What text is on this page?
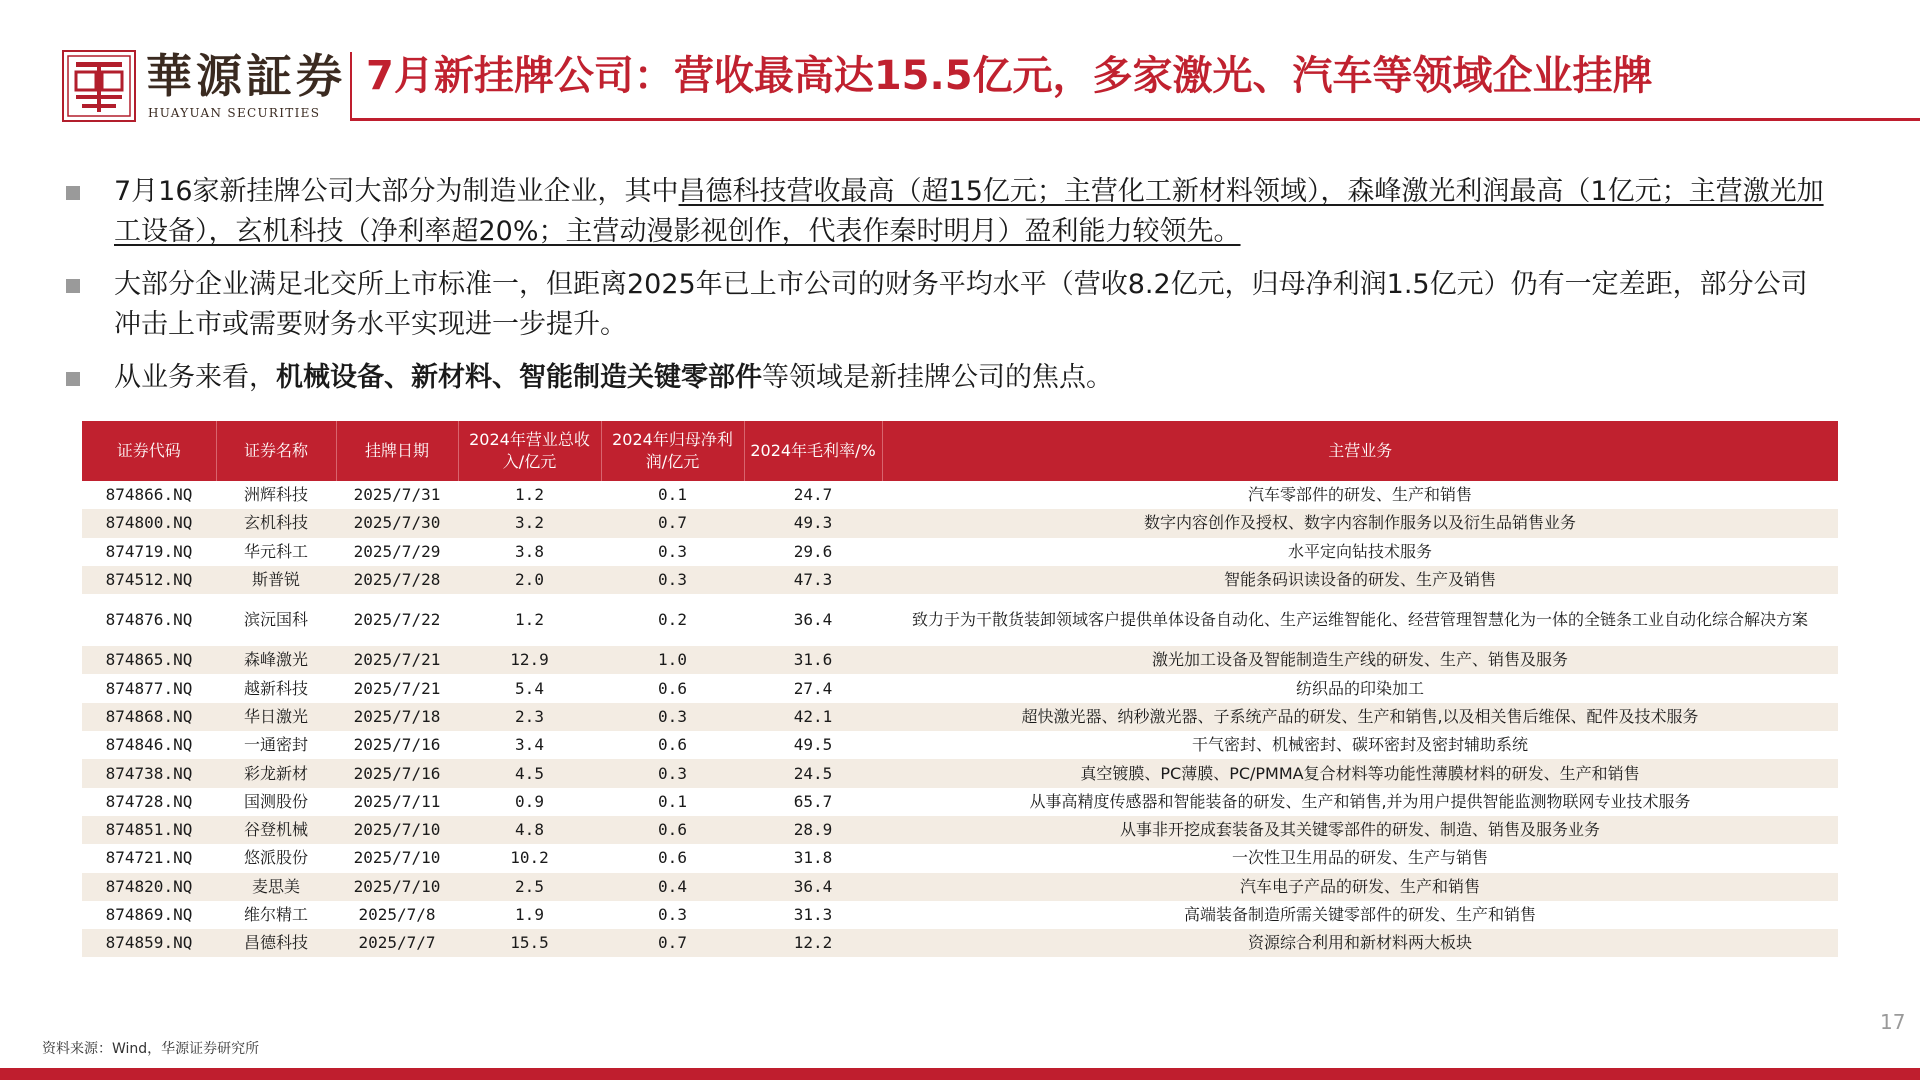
華源証券
HUAYUAN SECURITIES
7月新挂牌公司：营收最高达15.5亿元，多家激光、汽车等领域企业挂牌
7月16家新挂牌公司大部分为制造业企业，其中昌德科技营收最高（超15亿元；主营化工新材料领域），森峰激光利润最高（1亿元；主营激光加工设备），玄机科技（净利率超20%；主营动漫影视创作，代表作秦时明月）盈利能力较领先。
大部分企业满足北交所上市标准一，但距离2025年已上市公司的财务平均水平（营收8.2亿元，归母净利润1.5亿元）仍有一定差距，部分公司冲击上市或需要财务水平实现进一步提升。
从业务来看，机械设备、新材料、智能制造关键零部件等领域是新挂牌公司的焦点。
证券代码	证券名称	挂牌日期	2024年营业总收入/亿元	2024年归母净利润/亿元	2024年毛利率/%	主营业务
874866.NQ	洲辉科技	2025/7/31	1.2	0.1	24.7	汽车零部件的研发、生产和销售
874800.NQ	玄机科技	2025/7/30	3.2	0.7	49.3	数字内容创作及授权、数字内容制作服务以及衍生品销售业务
874719.NQ	华元科工	2025/7/29	3.8	0.3	29.6	水平定向钻技术服务
874512.NQ	斯普锐	2025/7/28	2.0	0.3	47.3	智能条码识读设备的研发、生产及销售
874876.NQ	滨沅国科	2025/7/22	1.2	0.2	36.4	致力于为干散货装卸领域客户提供单体设备自动化、生产运维智能化、经营管理智慧化为一体的全链条工业自动化综合解决方案
874865.NQ	森峰激光	2025/7/21	12.9	1.0	31.6	激光加工设备及智能制造生产线的研发、生产、销售及服务
874877.NQ	越新科技	2025/7/21	5.4	0.6	27.4	纺织品的印染加工
874868.NQ	华日激光	2025/7/18	2.3	0.3	42.1	超快激光器、纳秒激光器、子系统产品的研发、生产和销售,以及相关售后维保、配件及技术服务
874846.NQ	一通密封	2025/7/16	3.4	0.6	49.5	干气密封、机械密封、碳环密封及密封辅助系统
874738.NQ	彩龙新材	2025/7/16	4.5	0.3	24.5	真空镀膜、PC薄膜、PC/PMMA复合材料等功能性薄膜材料的研发、生产和销售
874728.NQ	国测股份	2025/7/11	0.9	0.1	65.7	从事高精度传感器和智能装备的研发、生产和销售,并为用户提供智能监测物联网专业技术服务
874851.NQ	谷登机械	2025/7/10	4.8	0.6	28.9	从事非开挖成套装备及其关键零部件的研发、制造、销售及服务业务
874721.NQ	悠派股份	2025/7/10	10.2	0.6	31.8	一次性卫生用品的研发、生产与销售
874820.NQ	麦思美	2025/7/10	2.5	0.4	36.4	汽车电子产品的研发、生产和销售
874869.NQ	维尔精工	2025/7/8	1.9	0.3	31.3	高端装备制造所需关键零部件的研发、生产和销售
874859.NQ	昌德科技	2025/7/7	15.5	0.7	12.2	资源综合利用和新材料两大板块
资料来源：Wind，华源证券研究所
17
